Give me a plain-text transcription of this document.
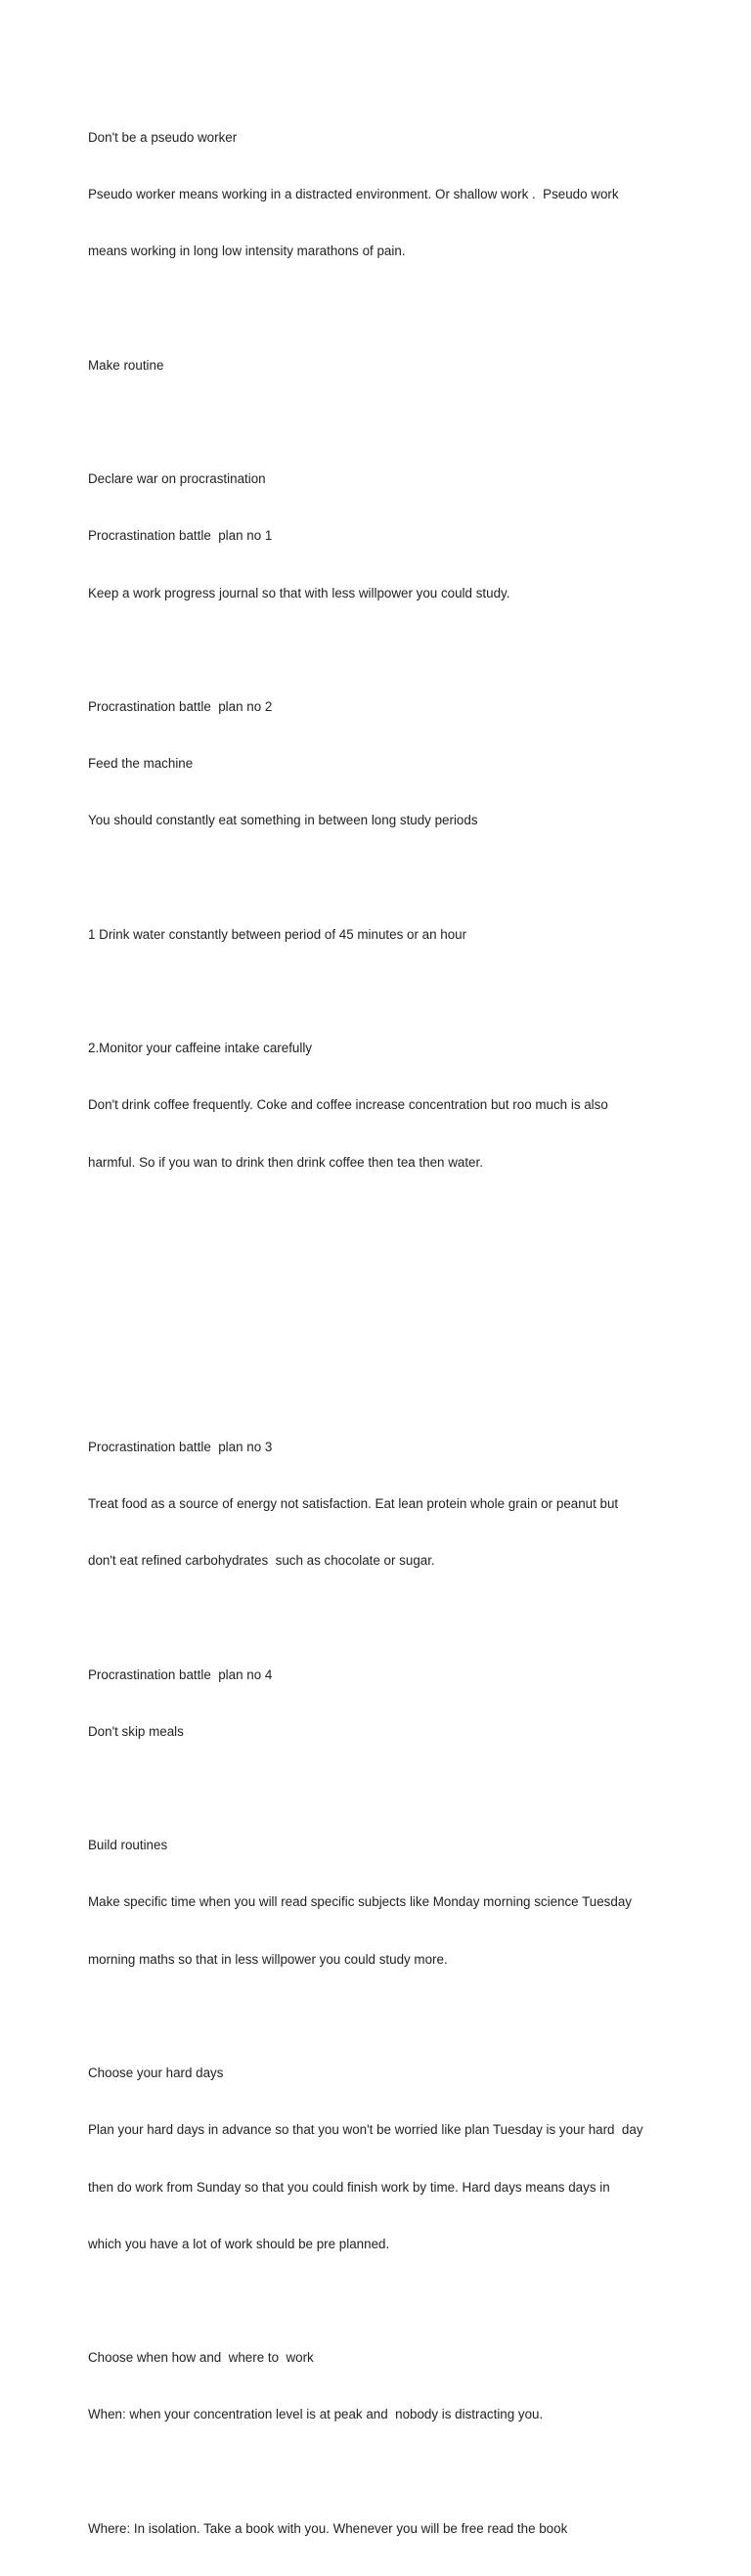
Don't be a pseudo worker

Pseudo worker means working in a distracted environment. Or shallow work .  Pseudo work

means working in long low intensity marathons of pain.

Make routine

Declare war on procrastination

Procrastination battle  plan no 1

Keep a work progress journal so that with less willpower you could study.

Procrastination battle  plan no 2

Feed the machine

You should constantly eat something in between long study periods

1 Drink water constantly between period of 45 minutes or an hour

2.Monitor your caffeine intake carefully

Don't drink coffee frequently. Coke and coffee increase concentration but roo much is also

harmful. So if you wan to drink then drink coffee then tea then water.

Procrastination battle  plan no 3

Treat food as a source of energy not satisfaction. Eat lean protein whole grain or peanut but

don't eat refined carbohydrates  such as chocolate or sugar.

Procrastination battle  plan no 4

Don't skip meals

Build routines

Make specific time when you will read specific subjects like Monday morning science Tuesday

morning maths so that in less willpower you could study more.

Choose your hard days

Plan your hard days in advance so that you won't be worried like plan Tuesday is your hard  day

then do work from Sunday so that you could finish work by time. Hard days means days in

which you have a lot of work should be pre planned.

Choose when how and  where to  work

When: when your concentration level is at peak and  nobody is distracting you.

Where: In isolation. Take a book with you. Whenever you will be free read the book
